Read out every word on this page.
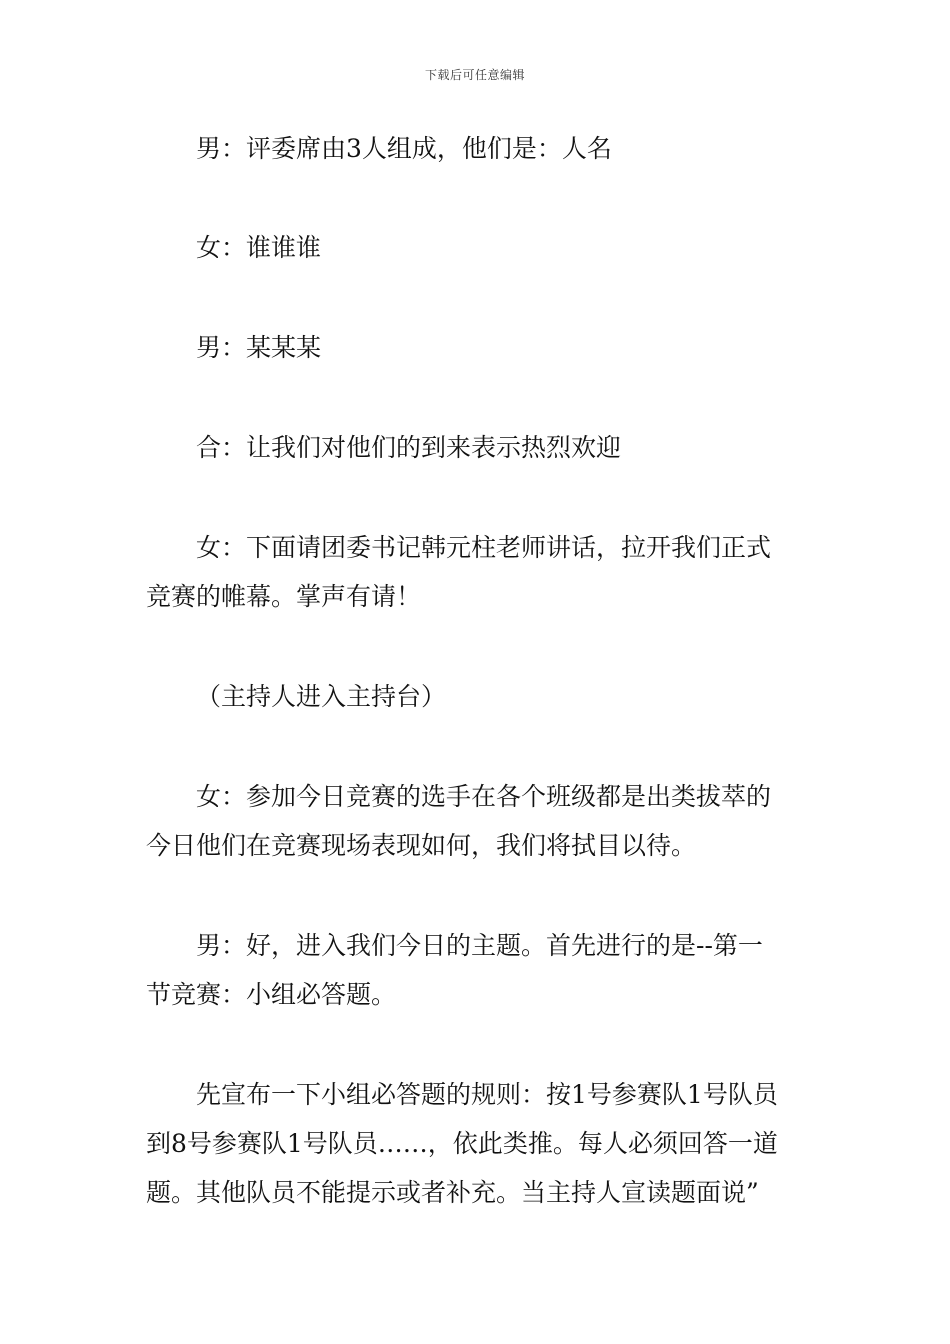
下载后可任意编辑
男：评委席由3人组成，他们是：人名
女：谁谁谁
男：某某某
合：让我们对他们的到来表示热烈欢迎
女：下面请团委书记韩元柱老师讲话，拉开我们正式
竞赛的帷幕。掌声有请！
（主持人进入主持台）
女：参加今日竞赛的选手在各个班级都是出类拔萃的
今日他们在竞赛现场表现如何，我们将拭目以待。
男：好，进入我们今日的主题。首先进行的是--第一
节竞赛：小组必答题。
先宣布一下小组必答题的规则：按1号参赛队1号队员
到8号参赛队1号队员……，依此类推。每人必须回答一道
题。其他队员不能提示或者补充。当主持人宣读题面说”
